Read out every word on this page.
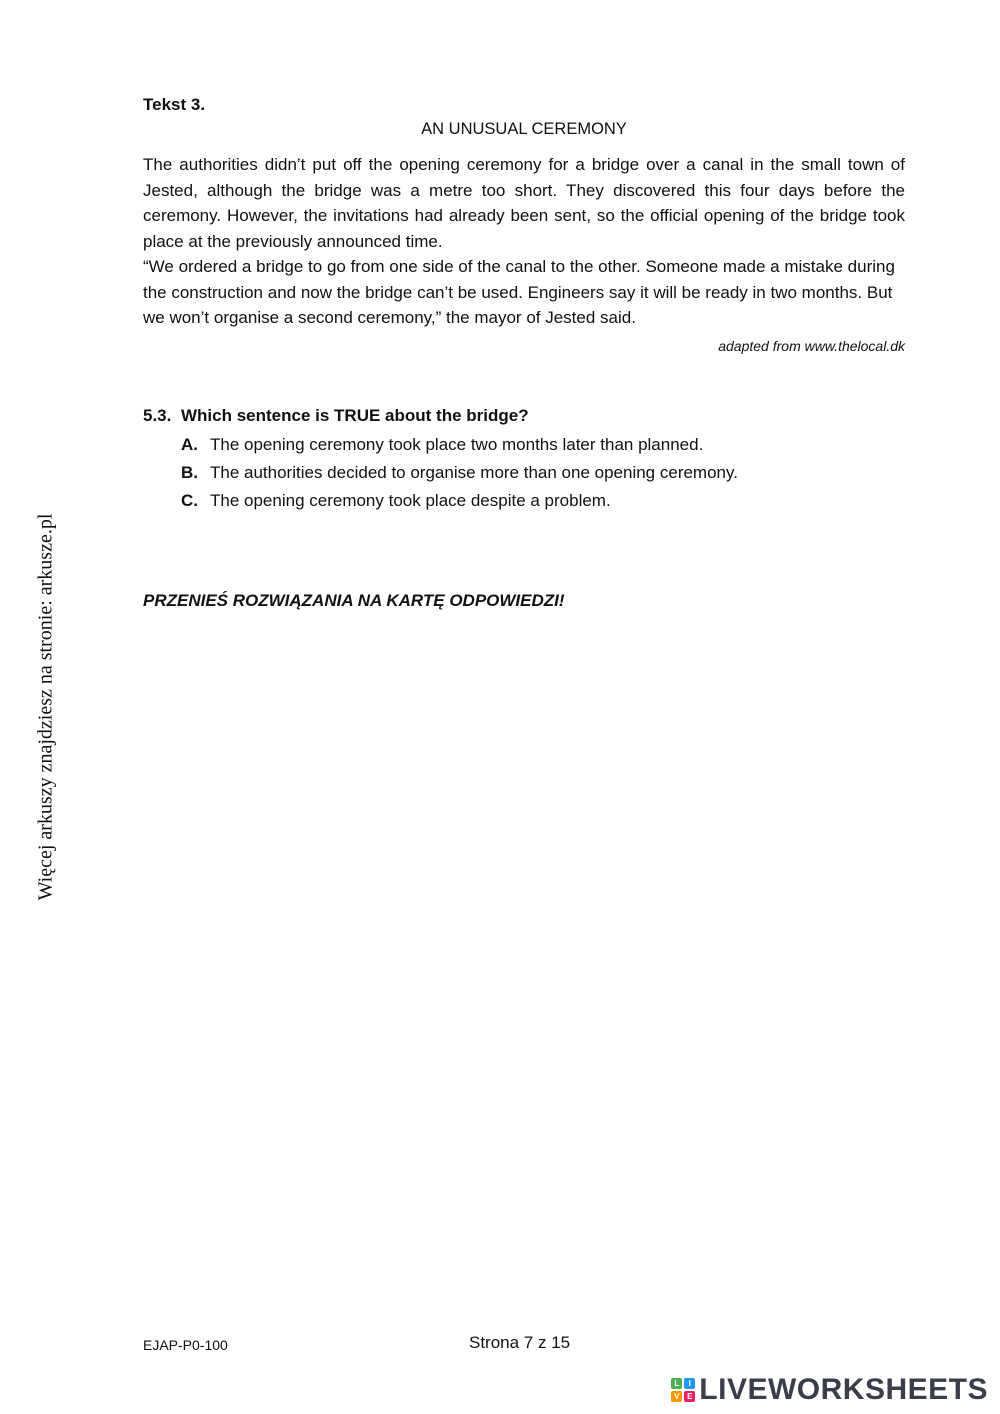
Więcej arkuszy znajdziesz na stronie: arkusze.pl
Tekst 3.
AN UNUSUAL CEREMONY
The authorities didn’t put off the opening ceremony for a bridge over a canal in the small town of Jested, although the bridge was a metre too short. They discovered this four days before the ceremony. However, the invitations had already been sent, so the official opening of the bridge took place at the previously announced time.
“We ordered a bridge to go from one side of the canal to the other. Someone made a mistake during the construction and now the bridge can’t be used. Engineers say it will be ready in two months. But we won’t organise a second ceremony,” the mayor of Jested said.
adapted from www.thelocal.dk
5.3. Which sentence is TRUE about the bridge?
A. The opening ceremony took place two months later than planned.
B. The authorities decided to organise more than one opening ceremony.
C. The opening ceremony took place despite a problem.
PRZENIEŚ ROZWIĄZANIA NA KARTĘ ODPOWIEDZI!
EJAP-P0-100	Strona 7 z 15
L	I
V E LIVEWORKSHEETS
